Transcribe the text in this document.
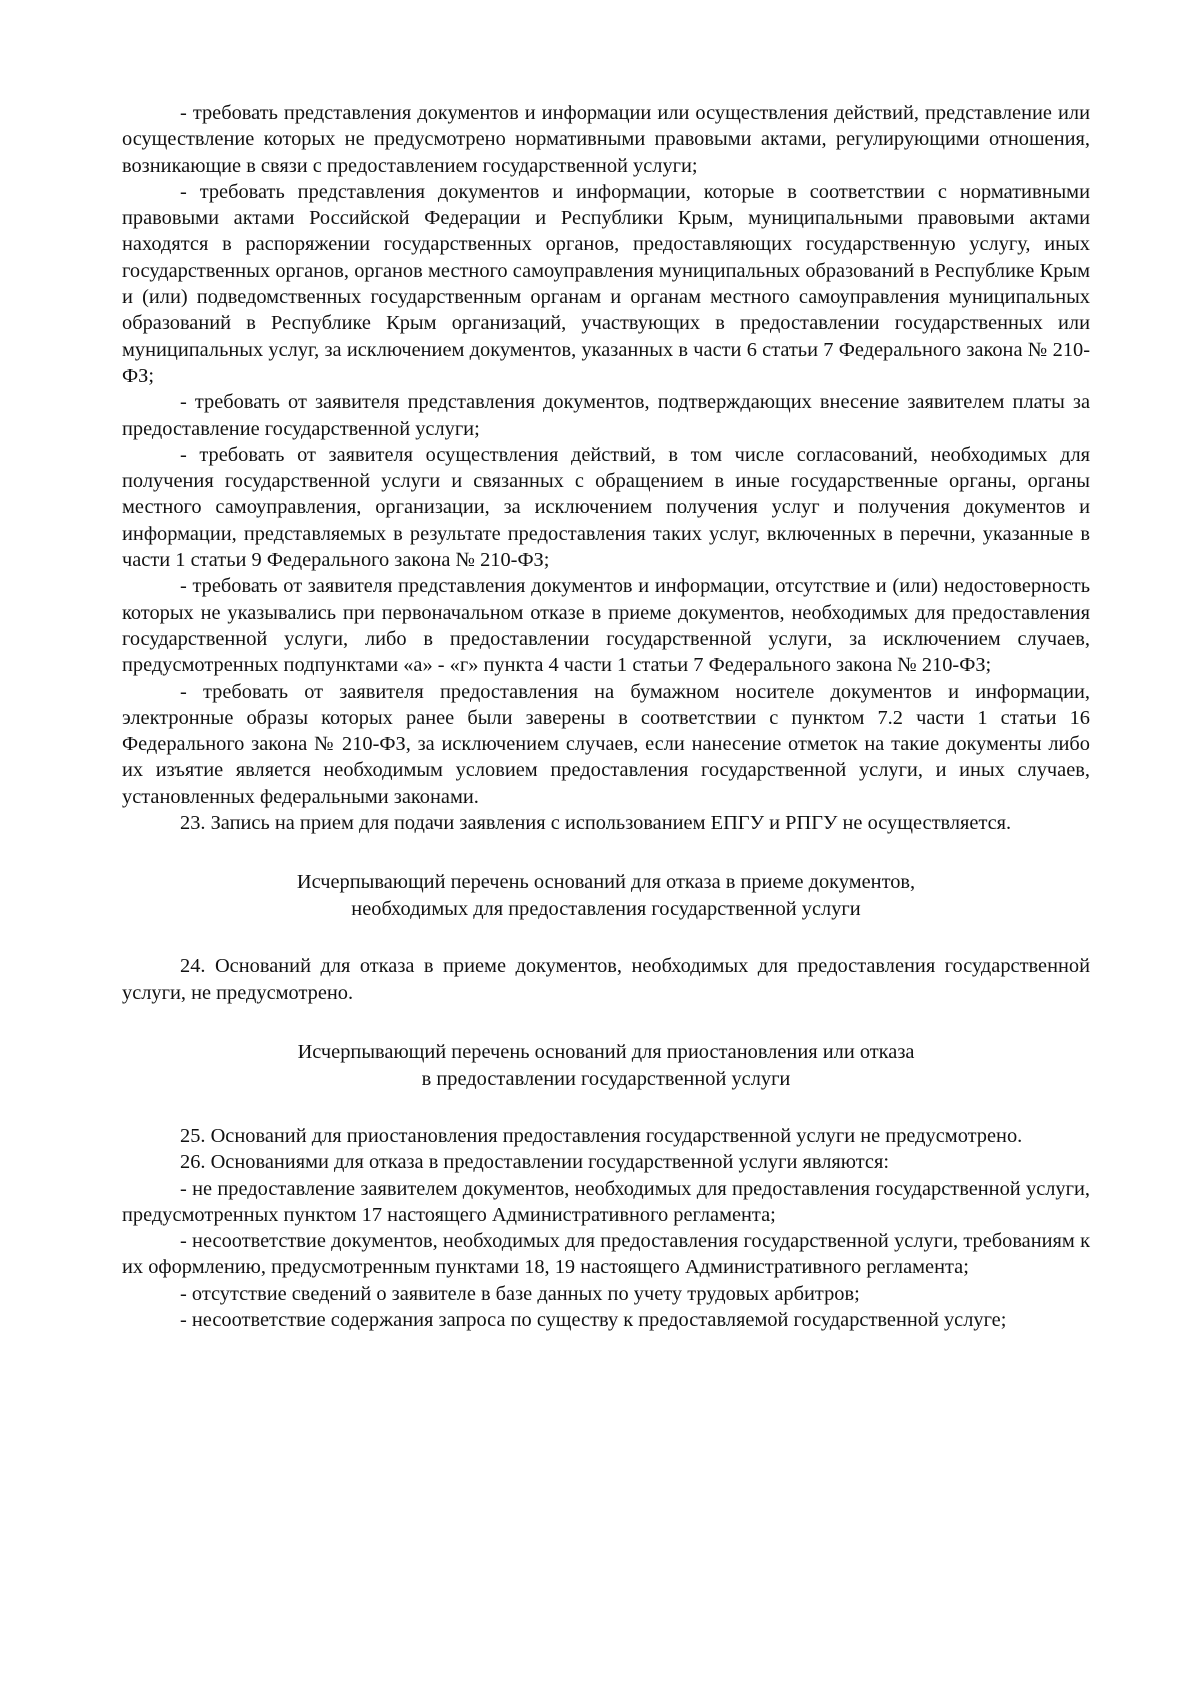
- требовать представления документов и информации или осуществления действий, представление или осуществление которых не предусмотрено нормативными правовыми актами, регулирующими отношения, возникающие в связи с предоставлением государственной услуги;

- требовать представления документов и информации, которые в соответствии с нормативными правовыми актами Российской Федерации и Республики Крым, муниципальными правовыми актами находятся в распоряжении государственных органов, предоставляющих государственную услугу, иных государственных органов, органов местного самоуправления муниципальных образований в Республике Крым и (или) подведомственных государственным органам и органам местного самоуправления муниципальных образований в Республике Крым организаций, участвующих в предоставлении государственных или муниципальных услуг, за исключением документов, указанных в части 6 статьи 7 Федерального закона № 210-ФЗ;

- требовать от заявителя представления документов, подтверждающих внесение заявителем платы за предоставление государственной услуги;

- требовать от заявителя осуществления действий, в том числе согласований, необходимых для получения государственной услуги и связанных с обращением в иные государственные органы, органы местного самоуправления, организации, за исключением получения услуг и получения документов и информации, представляемых в результате предоставления таких услуг, включенных в перечни, указанные в части 1 статьи 9 Федерального закона № 210-ФЗ;

- требовать от заявителя представления документов и информации, отсутствие и (или) недостоверность которых не указывались при первоначальном отказе в приеме документов, необходимых для предоставления государственной услуги, либо в предоставлении государственной услуги, за исключением случаев, предусмотренных подпунктами «а» - «г» пункта 4 части 1 статьи 7 Федерального закона № 210-ФЗ;

- требовать от заявителя предоставления на бумажном носителе документов и информации, электронные образы которых ранее были заверены в соответствии с пунктом 7.2 части 1 статьи 16 Федерального закона № 210-ФЗ, за исключением случаев, если нанесение отметок на такие документы либо их изъятие является необходимым условием предоставления государственной услуги, и иных случаев, установленных федеральными законами.

23. Запись на прием для подачи заявления с использованием ЕПГУ и РПГУ не осуществляется.

Исчерпывающий перечень оснований для отказа в приеме документов,

необходимых для предоставления государственной услуги

24. Оснований для отказа в приеме документов, необходимых для предоставления государственной услуги, не предусмотрено.

Исчерпывающий перечень оснований для приостановления или отказа

в предоставлении государственной услуги

25. Оснований для приостановления предоставления государственной услуги не предусмотрено.

26. Основаниями для отказа в предоставлении государственной услуги являются:

- не предоставление заявителем документов, необходимых для предоставления государственной услуги, предусмотренных пунктом 17 настоящего Административного регламента;

- несоответствие документов, необходимых для предоставления государственной услуги, требованиям к их оформлению, предусмотренным пунктами 18, 19 настоящего Административного регламента;

- отсутствие сведений о заявителе в базе данных по учету трудовых арбитров;

- несоответствие содержания запроса по существу к предоставляемой государственной услуге;
